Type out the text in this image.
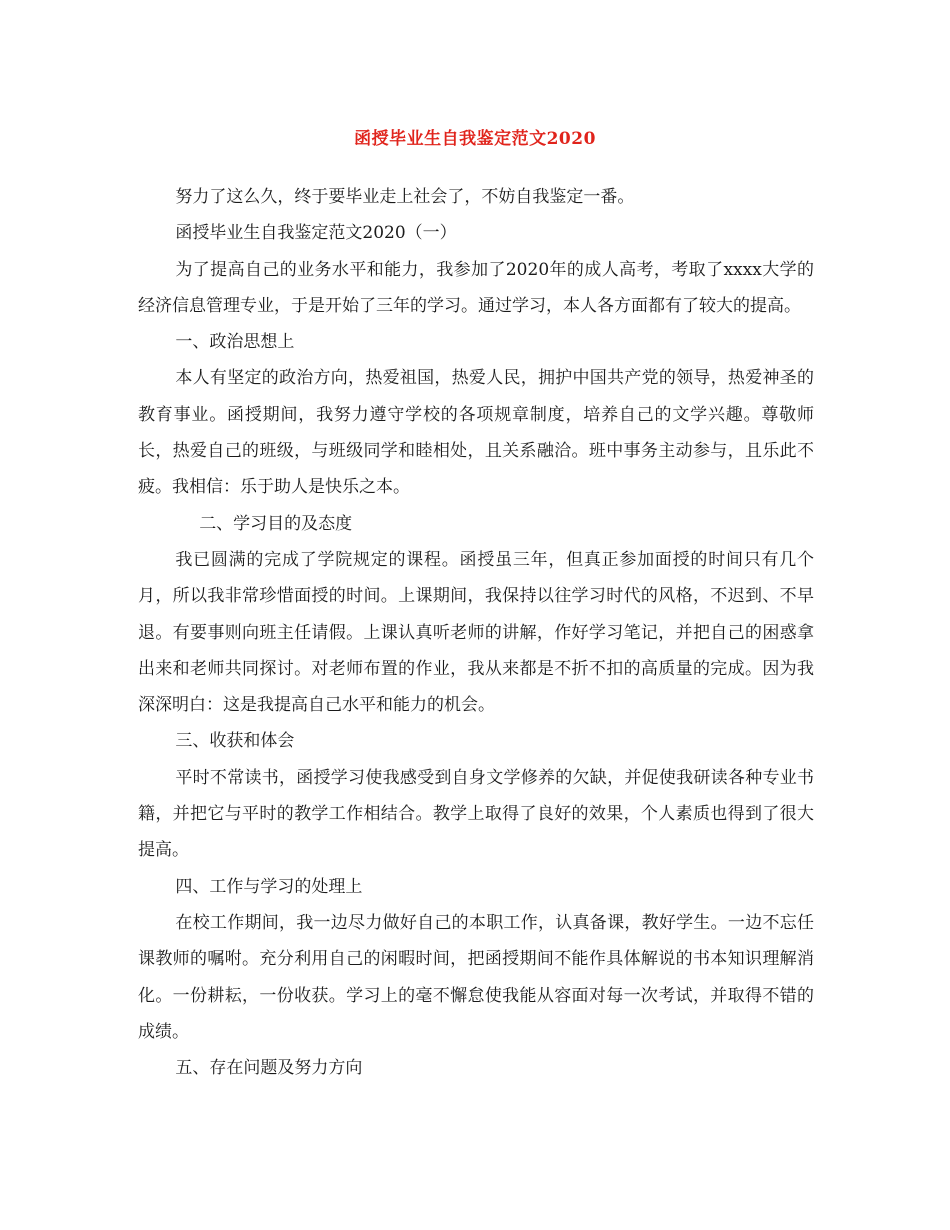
函授毕业生自我鉴定范文2020

努力了这么久，终于要毕业走上社会了，不妨自我鉴定一番。

函授毕业生自我鉴定范文2020（一）

为了提高自己的业务水平和能力，我参加了2020年的成人高考，考取了xxxx大学的经济信息管理专业，于是开始了三年的学习。通过学习，本人各方面都有了较大的提高。

一、政治思想上

本人有坚定的政治方向，热爱祖国，热爱人民，拥护中国共产党的领导，热爱神圣的教育事业。函授期间，我努力遵守学校的各项规章制度，培养自己的文学兴趣。尊敬师长，热爱自己的班级，与班级同学和睦相处，且关系融洽。班中事务主动参与，且乐此不疲。我相信：乐于助人是快乐之本。

二、学习目的及态度

我已圆满的完成了学院规定的课程。函授虽三年，但真正参加面授的时间只有几个月，所以我非常珍惜面授的时间。上课期间，我保持以往学习时代的风格，不迟到、不早退。有要事则向班主任请假。上课认真听老师的讲解，作好学习笔记，并把自己的困惑拿出来和老师共同探讨。对老师布置的作业，我从来都是不折不扣的高质量的完成。因为我深深明白：这是我提高自己水平和能力的机会。

三、收获和体会

平时不常读书，函授学习使我感受到自身文学修养的欠缺，并促使我研读各种专业书籍，并把它与平时的教学工作相结合。教学上取得了良好的效果，个人素质也得到了很大提高。

四、工作与学习的处理上

在校工作期间，我一边尽力做好自己的本职工作，认真备课，教好学生。一边不忘任课教师的嘱咐。充分利用自己的闲暇时间，把函授期间不能作具体解说的书本知识理解消化。一份耕耘，一份收获。学习上的毫不懈怠使我能从容面对每一次考试，并取得不错的成绩。

五、存在问题及努力方向
